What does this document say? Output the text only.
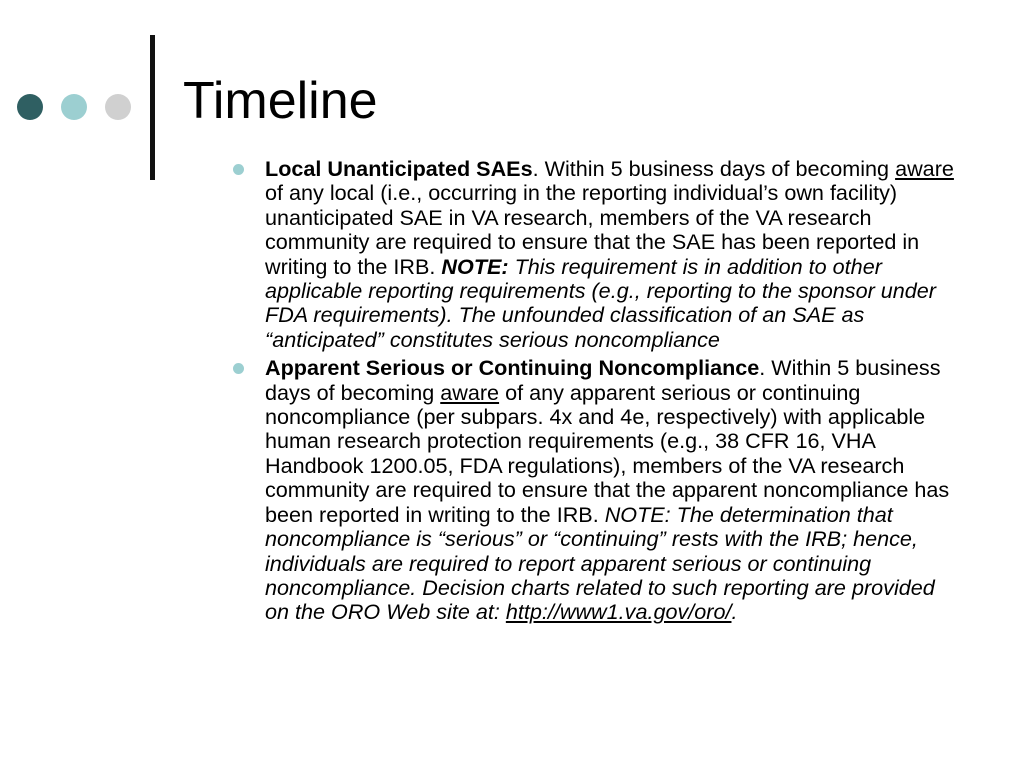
Timeline
Local Unanticipated SAEs. Within 5 business days of becoming aware of any local (i.e., occurring in the reporting individual’s own facility) unanticipated SAE in VA research, members of the VA research community are required to ensure that the SAE has been reported in writing to the IRB. NOTE: This requirement is in addition to other applicable reporting requirements (e.g., reporting to the sponsor under FDA requirements). The unfounded classification of an SAE as “anticipated” constitutes serious noncompliance
Apparent Serious or Continuing Noncompliance. Within 5 business days of becoming aware of any apparent serious or continuing noncompliance (per subpars. 4x and 4e, respectively) with applicable human research protection requirements (e.g., 38 CFR 16, VHA Handbook 1200.05, FDA regulations), members of the VA research community are required to ensure that the apparent noncompliance has been reported in writing to the IRB. NOTE: The determination that noncompliance is “serious” or “continuing” rests with the IRB; hence, individuals are required to report apparent serious or continuing noncompliance. Decision charts related to such reporting are provided on the ORO Web site at: http://www1.va.gov/oro/.
